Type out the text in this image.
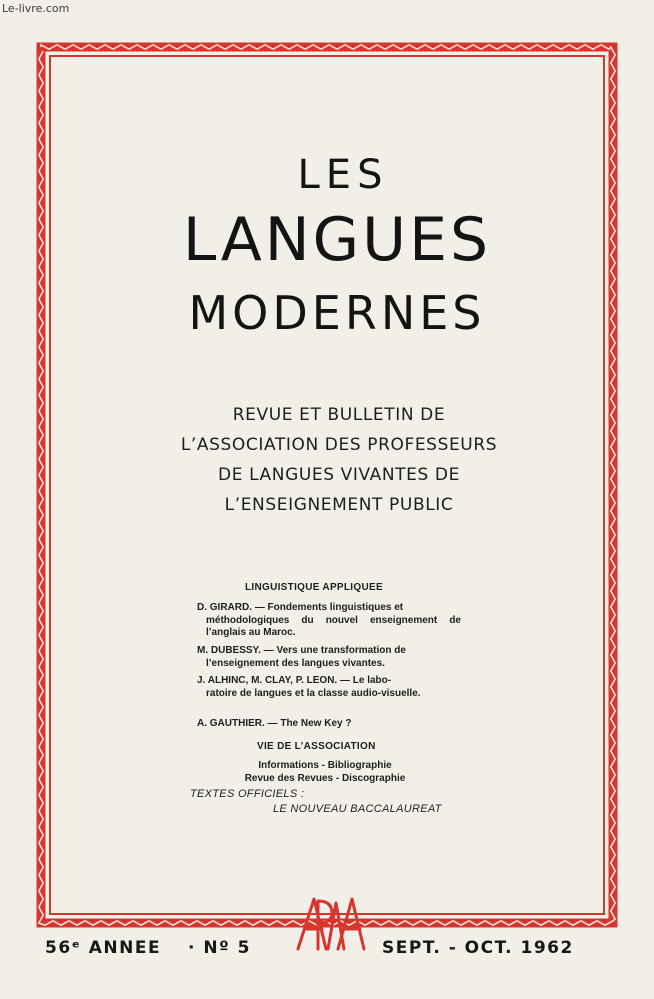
Le-livre.com
LES
LANGUES
MODERNES
REVUE ET BULLETIN DE
L’ASSOCIATION DES PROFESSEURS
DE LANGUES VIVANTES DE
L’ENSEIGNEMENT PUBLIC
LINGUISTIQUE APPLIQUEE
D. GIRARD. — Fondements linguistiques et
méthodologiques du nouvel enseignement de l’anglais au Maroc.
M. DUBESSY. — Vers une transformation de
l’enseignement des langues vivantes.
J. ALHINC, M. CLAY, P. LEON. — Le labo-
ratoire de langues et la classe audio-visuelle.
A. GAUTHIER. — The New Key ?
VIE DE L’ASSOCIATION
Informations - Bibliographie
Revue des Revues - Discographie
TEXTES OFFICIELS :
LE NOUVEAU BACCALAUREAT
56ᵉ ANNEE · Nº 5	SEPT. - OCT. 1962
